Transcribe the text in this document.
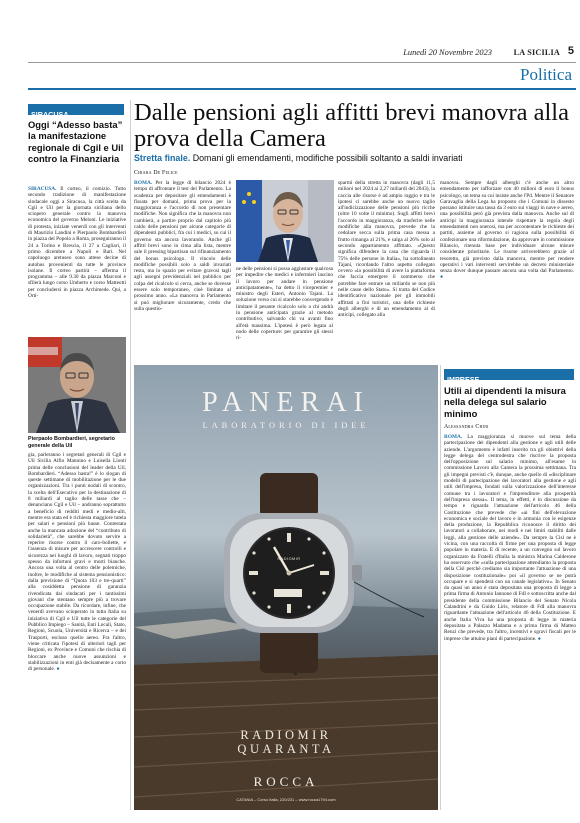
Lunedì 20 Novembre 2023	LA SICILIA 5
Politica
SIRACUSA
Oggi “Adesso basta” la manifestazione regionale di Cgil e Uil contro la Finanziaria
SIRACUSA. Il corteo, il comizio. Tutto secondo tradizione di manifestazione sindacale oggi a Siracusa, la città scelta da Cgil e Uil per la giornata siciliana dello sciopero generale contro la manovra economica del governo Meloni. Le iniziative di protesta, iniziate venerdì con gli interventi di Maurizio Landini e Pierpaolo Bombardieri in piazza del Popolo a Roma, proseguiranno il 24 a Torino e Brescia, il 27 a Cagliari, il primo dicembre a Napoli e Bari. Nel capoluogo aretuseo sono attese decine di autobus provenienti da tutte le province isolane. Il corteo partirà – afferma il programma – alle 9.30 da piazza Marconi e sfilerà lungo corso Umberto e corso Matteotti per concludersi in piazza Archimede. Qui, a Orti-
Pierpaolo Bombardieri, segretario generale della Uil
gia, parleranno i segretari generali di Cgil e Uil Sicilia Alfio Mannino e Luisella Lionti prima delle conclusioni del leader della Uil, Bombardieri. “Adesso basta!” è lo slogan di queste settimane di mobilitazione per le due organizzazioni. Tra i punti nodali di scontro, la scelta dell'Esecutivo per la destinazione di 8 miliardi al taglio delle tasse che – denunciano Cgil e Uil – andranno soprattutto a beneficio di redditi medi e medio-alti, mentre era stata ed è richiesta maggiore tutela per salari e pensioni più basse. Contestata anche la mancata adozione del “contributo di solidarietà”, che sarebbe dovuto servire a reperire risorse contro il caro-bollette, e l'assenza di misure per accrescere controlli e sicurezza nei luoghi di lavoro, segnati troppo spesso da infortuni gravi e morti bianche. Ancora una volta al centro delle polemiche, inoltre, le modifiche al sistema pensionistico: dalla previsione di “Quota 103 e tre-quarti” alla cosiddetta pensione di garanzia rivendicata dai sindacati per i tantissimi giovani che stentano sempre più a trovare occupazione stabile. Da ricordare, infine, che venerdì avevano scioperato in tutta Italia su iniziativa di Cgil e Uil tutte le categorie del Pubblico Impiego – Sanità, Enti Locali, Stato, Regioni, Scuola, Università e Ricerca – e dei Trasporti, escluso quello aereo. Fra l'altro, viene criticata l'ipotesi di ulteriori tagli per Regioni, ex Province e Comuni che rischia di bloccare anche nuove assunzioni e stabilizzazioni in enti già decisamente a corto di personale. ●
Dalle pensioni agli affitti brevi manovra alla prova della Camera
Stretta finale. Domani gli emendamenti, modifiche possibili soltanto a saldi invariati
Chiara De Felice
ROMA. Per la legge di bilancio 2024 è tempo di affrontare il test del Parlamento. La scadenza per depositare gli emendamenti è fissata per domani, prima prova per la maggioranza e l'accordo di non presentare modifiche. Non significa che la manovra non cambierà, a partire proprio dal capitolo più caldo delle pensioni per alcune categorie di dipendenti pubblici, fra cui i medici, su cui il governo sta ancora lavorando. Anche gli affitti brevi sono in cima alla lista, mentre sale il pressing bipartisan sul rifinanziamento del bonus psicologo. Il vincolo delle modifiche possibili solo a saldi invariati resta, ma lo spazio per evitare gravosi tagli agli assegni previdenziali nel pubblico per colpa del ricalcolo si cerca, anche se dovesse essere solo temporaneo, cioè limitato al prossimo anno. «La manovra in Parlamento si può migliorare sicuramente, credo che sulla questio-
ne delle pensioni si possa aggiustare qualcosa per impedire che medici e infermieri lascino il lavoro per andare in pensione anticipatamente», ha detto il vicepremier e ministro degli Esteri, Antonio Tajani. La soluzione verso cui si starebbe convergendo è limitare il pesante ricalcolo solo a chi andrà in pensione anticipata grazie al metodo contributivo, salvando chi va avanti fino all'età massima. L'ipotesi è però legata al nodo delle coperture: per garantire gli stessi ri-
sparmi della stretta in manovra (dagli 11,5 milioni nel 2024 ai 2,27 miliardi del 2043), la caccia alle risorse è ad ampio raggio e tra le ipotesi ci sarebbe anche un nuovo taglio all'indicizzazione delle pensioni più ricche (oltre 10 volte il minimo). Sugli affitti brevi l'accordo in maggioranza, da trasferire nelle modifiche alla manovra, prevede che la cedolare secca sulla prima casa messa a frutto rimanga al 21%, e salga al 26% solo al secondo appartamento affittato. «Questo significa difendere la casa che riguarda il 75% delle persone in Italia», ha sottolineato Tajani, ricordando l'altro aspetto collegato ovvero «la possibilità di avere la piattaforma che faccia emergere il sommerso che potrebbe fare entrare un miliardo se non più nelle casse dello Stato». Si tratta del Codice identificativo nazionale per gli immobili affittati a fini turistici, una delle richieste degli alberghi e di un emendamento al di anticipi, collegato alla
manovra. Sempre dagli alberghi c'è anche un altro emendamento per rafforzare con 40 milioni di euro il bonus psicologo, un tema su cui insiste anche l'Pd. Mentre il Senatore Garavaglia della Lega ha proposto che i Comuni in dissesto possano istituire una tassa da 3 euro sui viaggi in nave e aereo, una possibilità però già prevista dalla manovra. Anche sul dl anticipi la maggioranza intende rispettare la regola degli emendamenti non onerosi, ma per accontentare le richieste dei partiti, assieme al governo si ragiona sulla possibilità di confezionare una riformulazione, da approvare in commissione Bilancio, ritenuta base per individuare alcune misure considerate prioritarie. Le risorse arriverebbero grazie al tesoretto, già previsto dalla manovra, mentre per rendere operativi i vari interventi servirebbe un decreto ministeriale senza dover dunque passare ancora una volta dal Parlamento. ●
PANERAI
LABORATORIO DI IDEE
RADIOMIR
28
RADIOMIR QUARANTA
ROCCA
CATANIA – Corso Italia, 220/231 – www.rocca1794.com
IMPRESE
Utili ai dipendenti la misura nella delega sul salario minimo
Alessandra Chini
ROMA. La maggioranza si muove sul tema della partecipazione dei dipendenti alla gestione e agli utili delle aziende. L'argomento è infatti inserito tra gli obiettivi della legge delega del centrodestra che riscrive la proposta dell'opposizione sul salario minimo, all'esame in commissione Lavoro alla Camera la prossima settimana. Tra gli impegni previsti c'è, dunque, anche quello di «disciplinare modelli di partecipazione dei lavoratori alla gestione e agli utili dell'impresa, fondati sulla valorizzazione dell'interesse comune tra i lavoratori e l'imprenditore alla prosperità dell'impresa stessa». Il tema, in effetti, è in discussione da tempo e riguarda l'attuazione dell'articolo 46 della Costituzione che prevede che «ai fini dell'elevazione economica e sociale del lavoro e in armonia con le esigenze della produzione, la Repubblica riconosce il diritto dei lavoratori a collaborare, nei modi e nei limiti stabiliti dalle leggi, alla gestione delle aziende». Da sempre la Cisl ne è vicina, con una raccolta di firme per una proposta di legge popolare in materia. E di recente, a un convegno sul lavoro organizzato da Fratelli d'Italia la ministra Marina Calderone ha osservato che «sulla partecipazione attendiamo la proposta della Cisl perché crediamo sia importante l'attuazione di una disposizione costituzionale» poi «il governo se ne potrà occupare e si spenderà con un canale legislativo». In Senato da quasi un anno è stata depositata una proposta di legge a prima firma di Antonio Iannone di FdI e sottoscritta anche dal presidente della commissione Bilancio del Senato Nicola Calandrini e da Guido Liris, relatore di FdI alla manovra riguardante l'attuazione dell'articolo 46 della Costituzione. E anche Italia Viva ha una proposta di legge in materia depositata a Palazzo Madama e a prima firma di Matteo Renzi che prevede, tra l'altro, incentivi e sgravi fiscali per le imprese che attuino piani di partecipazione. ●
